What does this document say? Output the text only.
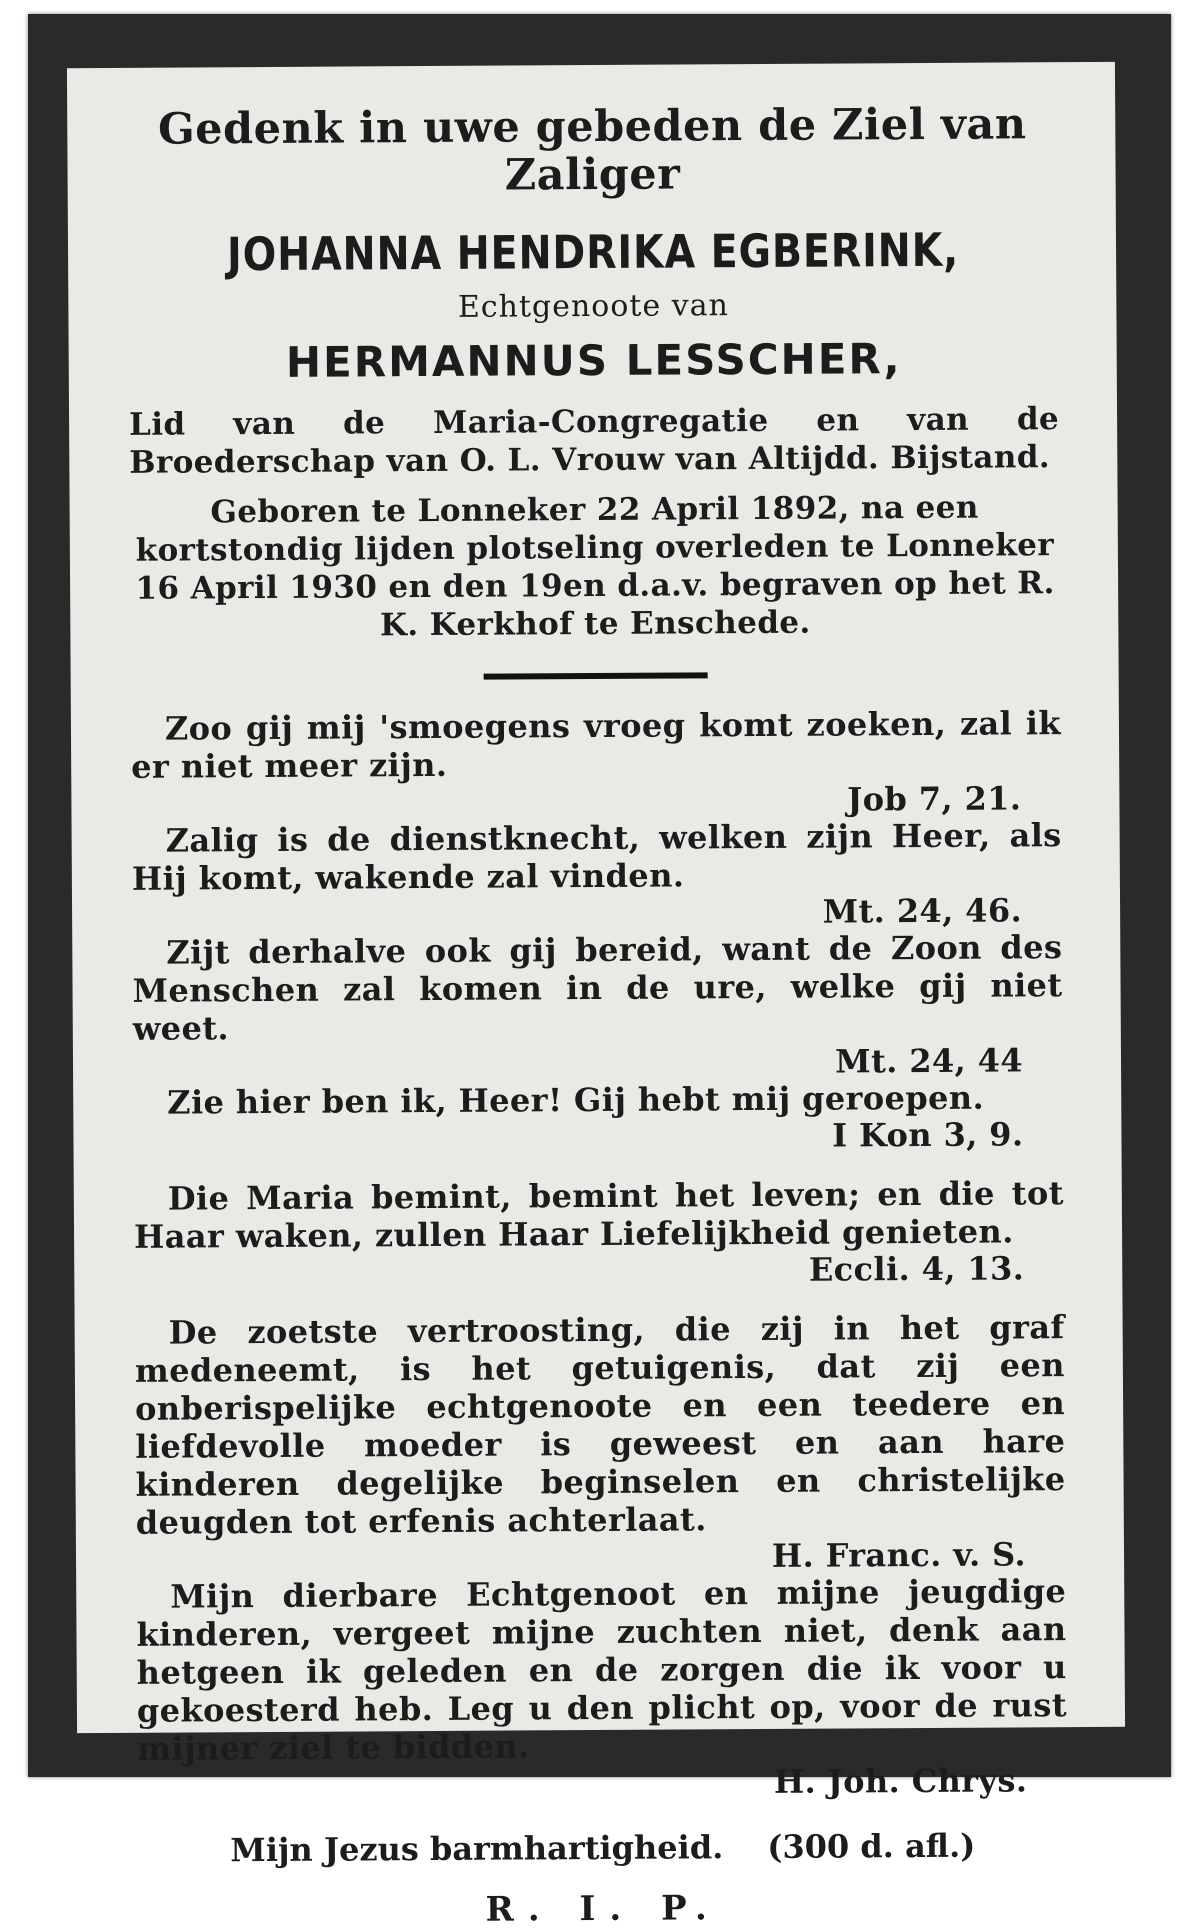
Gedenk in uwe gebeden de Ziel van
Zaliger
JOHANNA HENDRIKA EGBERINK,
Echtgenoote van
HERMANNUS LESSCHER,
Lid van de Maria-Congregatie en van de Broederschap van O. L. Vrouw van Altijdd. Bijstand.
Geboren te Lonneker 22 April 1892, na een kortstondig lijden plotseling overleden te Lonneker 16 April 1930 en den 19en d.a.v. begraven op het R. K. Kerkhof te Enschede.
Zoo gij mij 'smoegens vroeg komt zoeken, zal ik er niet meer zijn.
Job 7, 21.
Zalig is de dienstknecht, welken zijn Heer, als Hij komt, wakende zal vinden.
Mt. 24, 46.
Zijt derhalve ook gij bereid, want de Zoon des Menschen zal komen in de ure, welke gij niet weet.
Mt. 24, 44
Zie hier ben ik, Heer! Gij hebt mij geroepen.
I Kon 3, 9.
Die Maria bemint, bemint het leven; en die tot Haar waken, zullen Haar Liefelijkheid genieten.
Eccli. 4, 13.
De zoetste vertroosting, die zij in het graf medeneemt, is het getuigenis, dat zij een onberispelijke echtgenoote en een teedere en liefdevolle moeder is geweest en aan hare kinderen degelijke beginselen en christelijke deugden tot erfenis achterlaat.
H. Franc. v. S.
Mijn dierbare Echtgenoot en mijne jeugdige kinderen, vergeet mijne zuchten niet, denk aan hetgeen ik geleden en de zorgen die ik voor u gekoesterd heb. Leg u den plicht op, voor de rust mijner ziel te bidden.
H. Joh. Chrys.
Mijn Jezus barmhartigheid. (300 d. afl.)
R. I. P.
